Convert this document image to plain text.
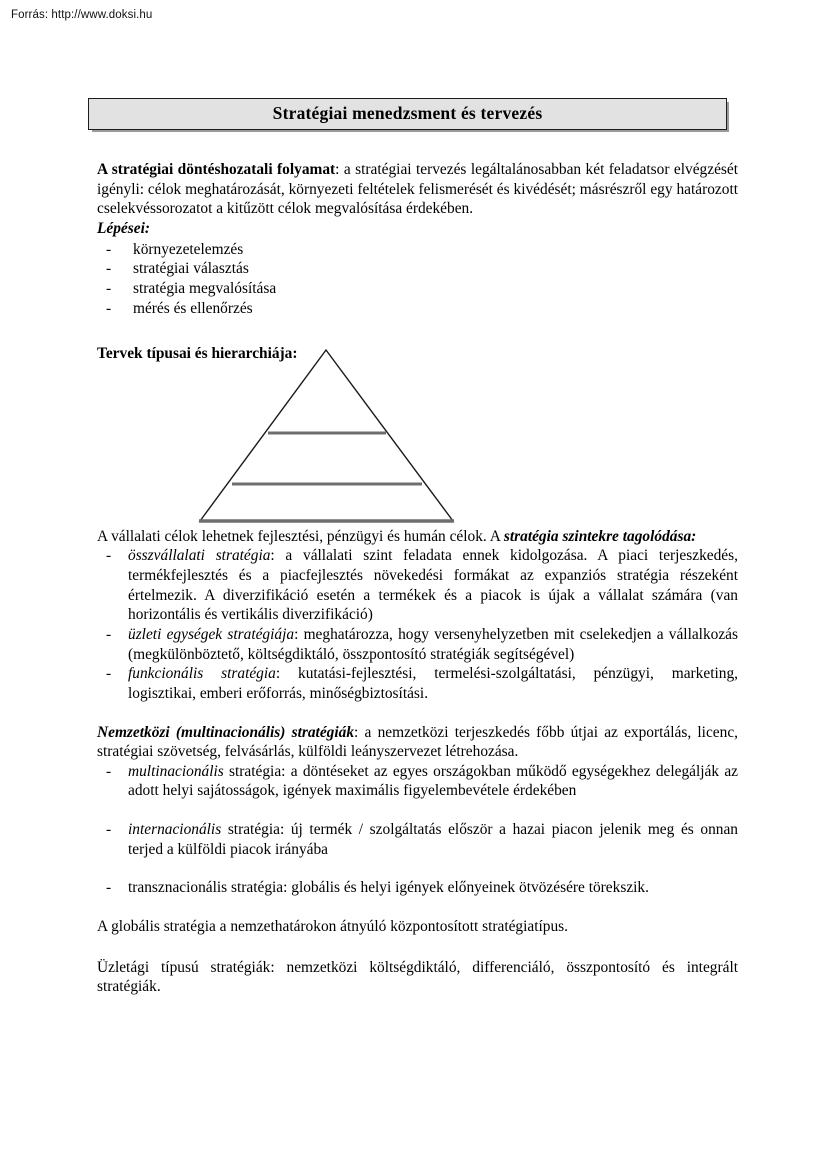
Forrás: http://www.doksi.hu
Stratégiai menedzsment és tervezés

A stratégiai döntéshozatali folyamat: a stratégiai tervezés legáltalánosabban két feladatsor elvégzését igényli: célok meghatározását, környezeti feltételek felismerését és kivédését; másrészről egy határozott cselekvéssorozatot a kitűzött célok megvalósítása érdekében.

Lépései:

- környezetelemzés
- stratégiai választás
- stratégia megvalósítása
- mérés és ellenőrzés

Tervek típusai és hierarchiája:

A vállalati célok lehetnek fejlesztési, pénzügyi és humán célok. A stratégia szintekre tagolódása:

- összvállalati stratégia: a vállalati szint feladata ennek kidolgozása. A piaci terjeszkedés, termékfejlesztés és a piacfejlesztés növekedési formákat az expanziós stratégia részeként értelmezik. A diverzifikáció esetén a termékek és a piacok is újak a vállalat számára (van horizontális és vertikális diverzifikáció)
- üzleti egységek stratégiája: meghatározza, hogy versenyhelyzetben mit cselekedjen a vállalkozás (megkülönböztető, költségdiktáló, összpontosító stratégiák segítségével)
- funkcionális stratégia: kutatási-fejlesztési, termelési-szolgáltatási, pénzügyi, marketing, logisztikai, emberi erőforrás, minőségbiztosítási.

Nemzetközi (multinacionális) stratégiák: a nemzetközi terjeszkedés főbb útjai az exportálás, licenc, stratégiai szövetség, felvásárlás, külföldi leányszervezet létrehozása.

- multinacionális stratégia: a döntéseket az egyes országokban működő egységekhez delegálják az adott helyi sajátosságok, igények maximális figyelembevétele érdekében
- internacionális stratégia: új termék / szolgáltatás először a hazai piacon jelenik meg és onnan terjed a külföldi piacok irányába
- transznacionális stratégia: globális és helyi igények előnyeinek ötvözésére törekszik.

A globális stratégia a nemzethatárokon átnyúló központosított stratégiatípus.

Üzletági típusú stratégiák: nemzetközi költségdiktáló, differenciáló, összpontosító és integrált stratégiák.
